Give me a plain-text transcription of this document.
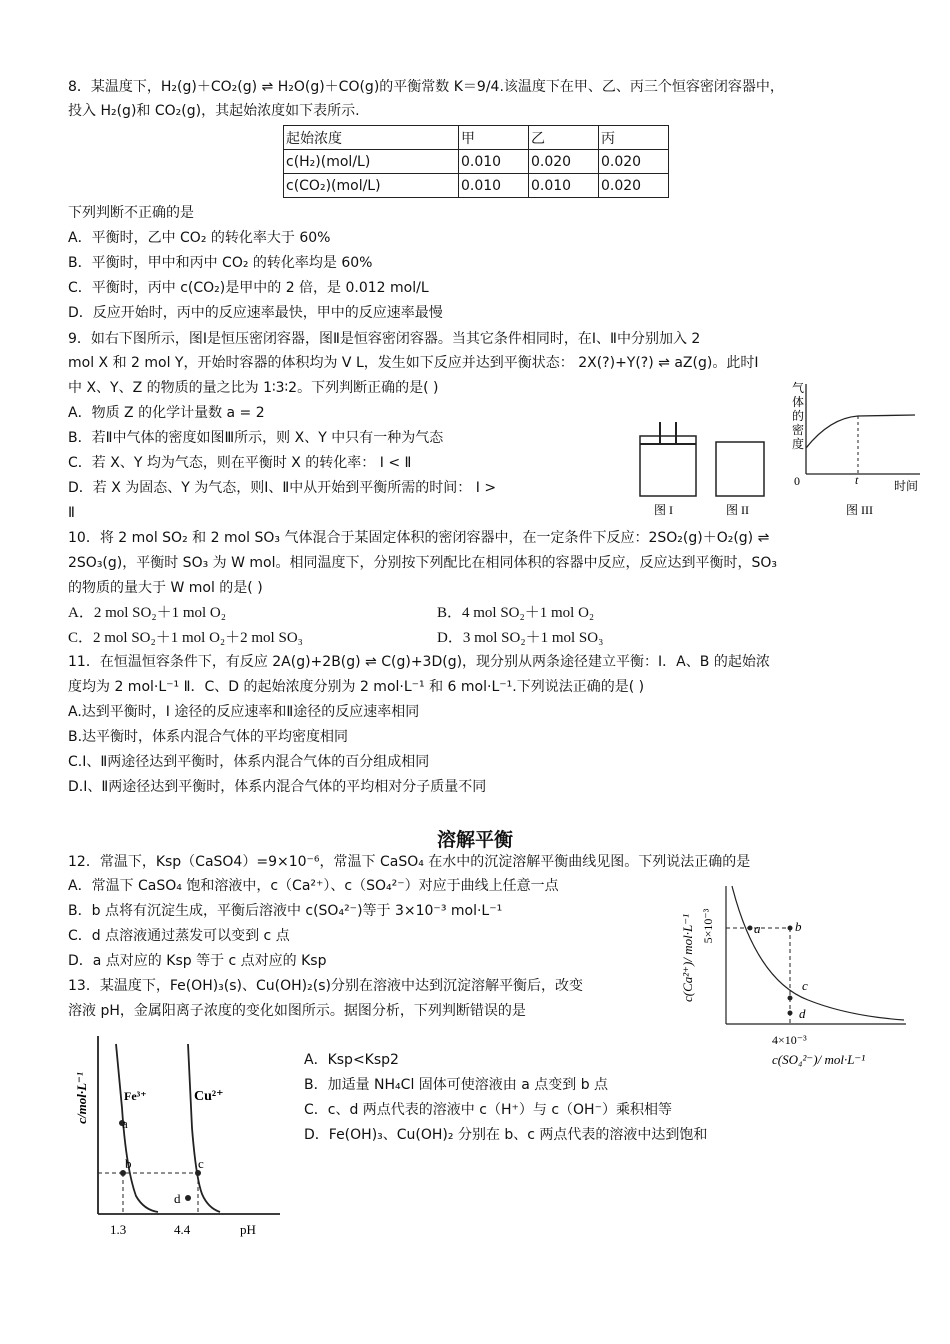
8．某温度下，H₂(g)＋CO₂(g) ⇌ H₂O(g)＋CO(g)的平衡常数 K＝9/4.该温度下在甲、乙、丙三个恒容密闭容器中，
投入 H₂(g)和 CO₂(g)，其起始浓度如下表所示.
起始浓度	甲	乙	丙
c(H₂)(mol/L)	0.010	0.020	0.020
c(CO₂)(mol/L)	0.010	0.010	0.020
下列判断不正确的是
A．平衡时，乙中 CO₂ 的转化率大于 60%
B．平衡时，甲中和丙中 CO₂ 的转化率均是 60%
C．平衡时，丙中 c(CO₂)是甲中的 2 倍，是 0.012 mol/L
D．反应开始时，丙中的反应速率最快，甲中的反应速率最慢
9．如右下图所示，图Ⅰ是恒压密闭容器，图Ⅱ是恒容密闭容器。当其它条件相同时，在Ⅰ、Ⅱ中分别加入 2
mol X 和 2 mol Y，开始时容器的体积均为 V L，发生如下反应并达到平衡状态： 2X(?)+Y(?) ⇌ aZ(g)。此时Ⅰ
中 X、Y、Z 的物质的量之比为 1∶3∶2。下列判断正确的是( )
A．物质 Z 的化学计量数 a = 2
B．若Ⅱ中气体的密度如图Ⅲ所示，则 X、Y 中只有一种为气态
C．若 X、Y 均为气态，则在平衡时 X 的转化率： Ⅰ < Ⅱ
D．若 X 为固态、Y 为气态，则Ⅰ、Ⅱ中从开始到平衡所需的时间： Ⅰ >
Ⅱ
气
体
的
密
度
0	t	时间
图 I	图 II	图 III
10．将 2 mol SO₂ 和 2 mol SO₃ 气体混合于某固定体积的密闭容器中，在一定条件下反应：2SO₂(g)＋O₂(g) ⇌
2SO₃(g)，平衡时 SO₃ 为 W mol。相同温度下，分别按下列配比在相同体积的容器中反应，反应达到平衡时，SO₃
的物质的量大于 W mol 的是( )
A．2 mol SO₂＋1 mol O₂	B．4 mol SO₂＋1 mol O₂
C．2 mol SO₂＋1 mol O₂＋2 mol SO₃	D．3 mol SO₂＋1 mol SO₃
11．在恒温恒容条件下，有反应 2A(g)+2B(g) ⇌ C(g)+3D(g)，现分别从两条途径建立平衡：I．A、B 的起始浓
度均为 2 mol·L⁻¹ Ⅱ．C、D 的起始浓度分别为 2 mol·L⁻¹ 和 6 mol·L⁻¹.下列说法正确的是( )
A.达到平衡时，I 途径的反应速率和Ⅱ途径的反应速率相同
B.达平衡时，体系内混合气体的平均密度相同
C.I、Ⅱ两途径达到平衡时，体系内混合气体的百分组成相同
D.I、Ⅱ两途径达到平衡时，体系内混合气体的平均相对分子质量不同
溶解平衡
12．常温下，Ksp（CaSO4）=9×10⁻⁶，常温下 CaSO₄ 在水中的沉淀溶解平衡曲线见图。下列说法正确的是
A．常温下 CaSO₄ 饱和溶液中，c（Ca²⁺）、c（SO₄²⁻）对应于曲线上任意一点
B．b 点将有沉淀生成，平衡后溶液中 c(SO₄²⁻)等于 3×10⁻³ mol·L⁻¹
C．d 点溶液通过蒸发可以变到 c 点
D．a 点对应的 Ksp 等于 c 点对应的 Ksp
a	b
c
d
5×10⁻³
c(Ca²⁺)/ mol·L⁻¹
4×10⁻³
c(SO₄²⁻)/ mol·L⁻¹
13．某温度下，Fe(OH)₃(s)、Cu(OH)₂(s)分别在溶液中达到沉淀溶解平衡后，改变
溶液 pH，金属阳离子浓度的变化如图所示。据图分析，下列判断错误的是
A．Ksp<Ksp2
B．加适量 NH₄Cl 固体可使溶液由 a 点变到 b 点
C．c、d 两点代表的溶液中 c（H⁺）与 c（OH⁻）乘积相等
D．Fe(OH)₃、Cu(OH)₂ 分别在 b、c 两点代表的溶液中达到饱和
a
b	c
d
Fe³⁺	Cu²⁺
c/mol·L⁻¹
1.3	4.4	pH
